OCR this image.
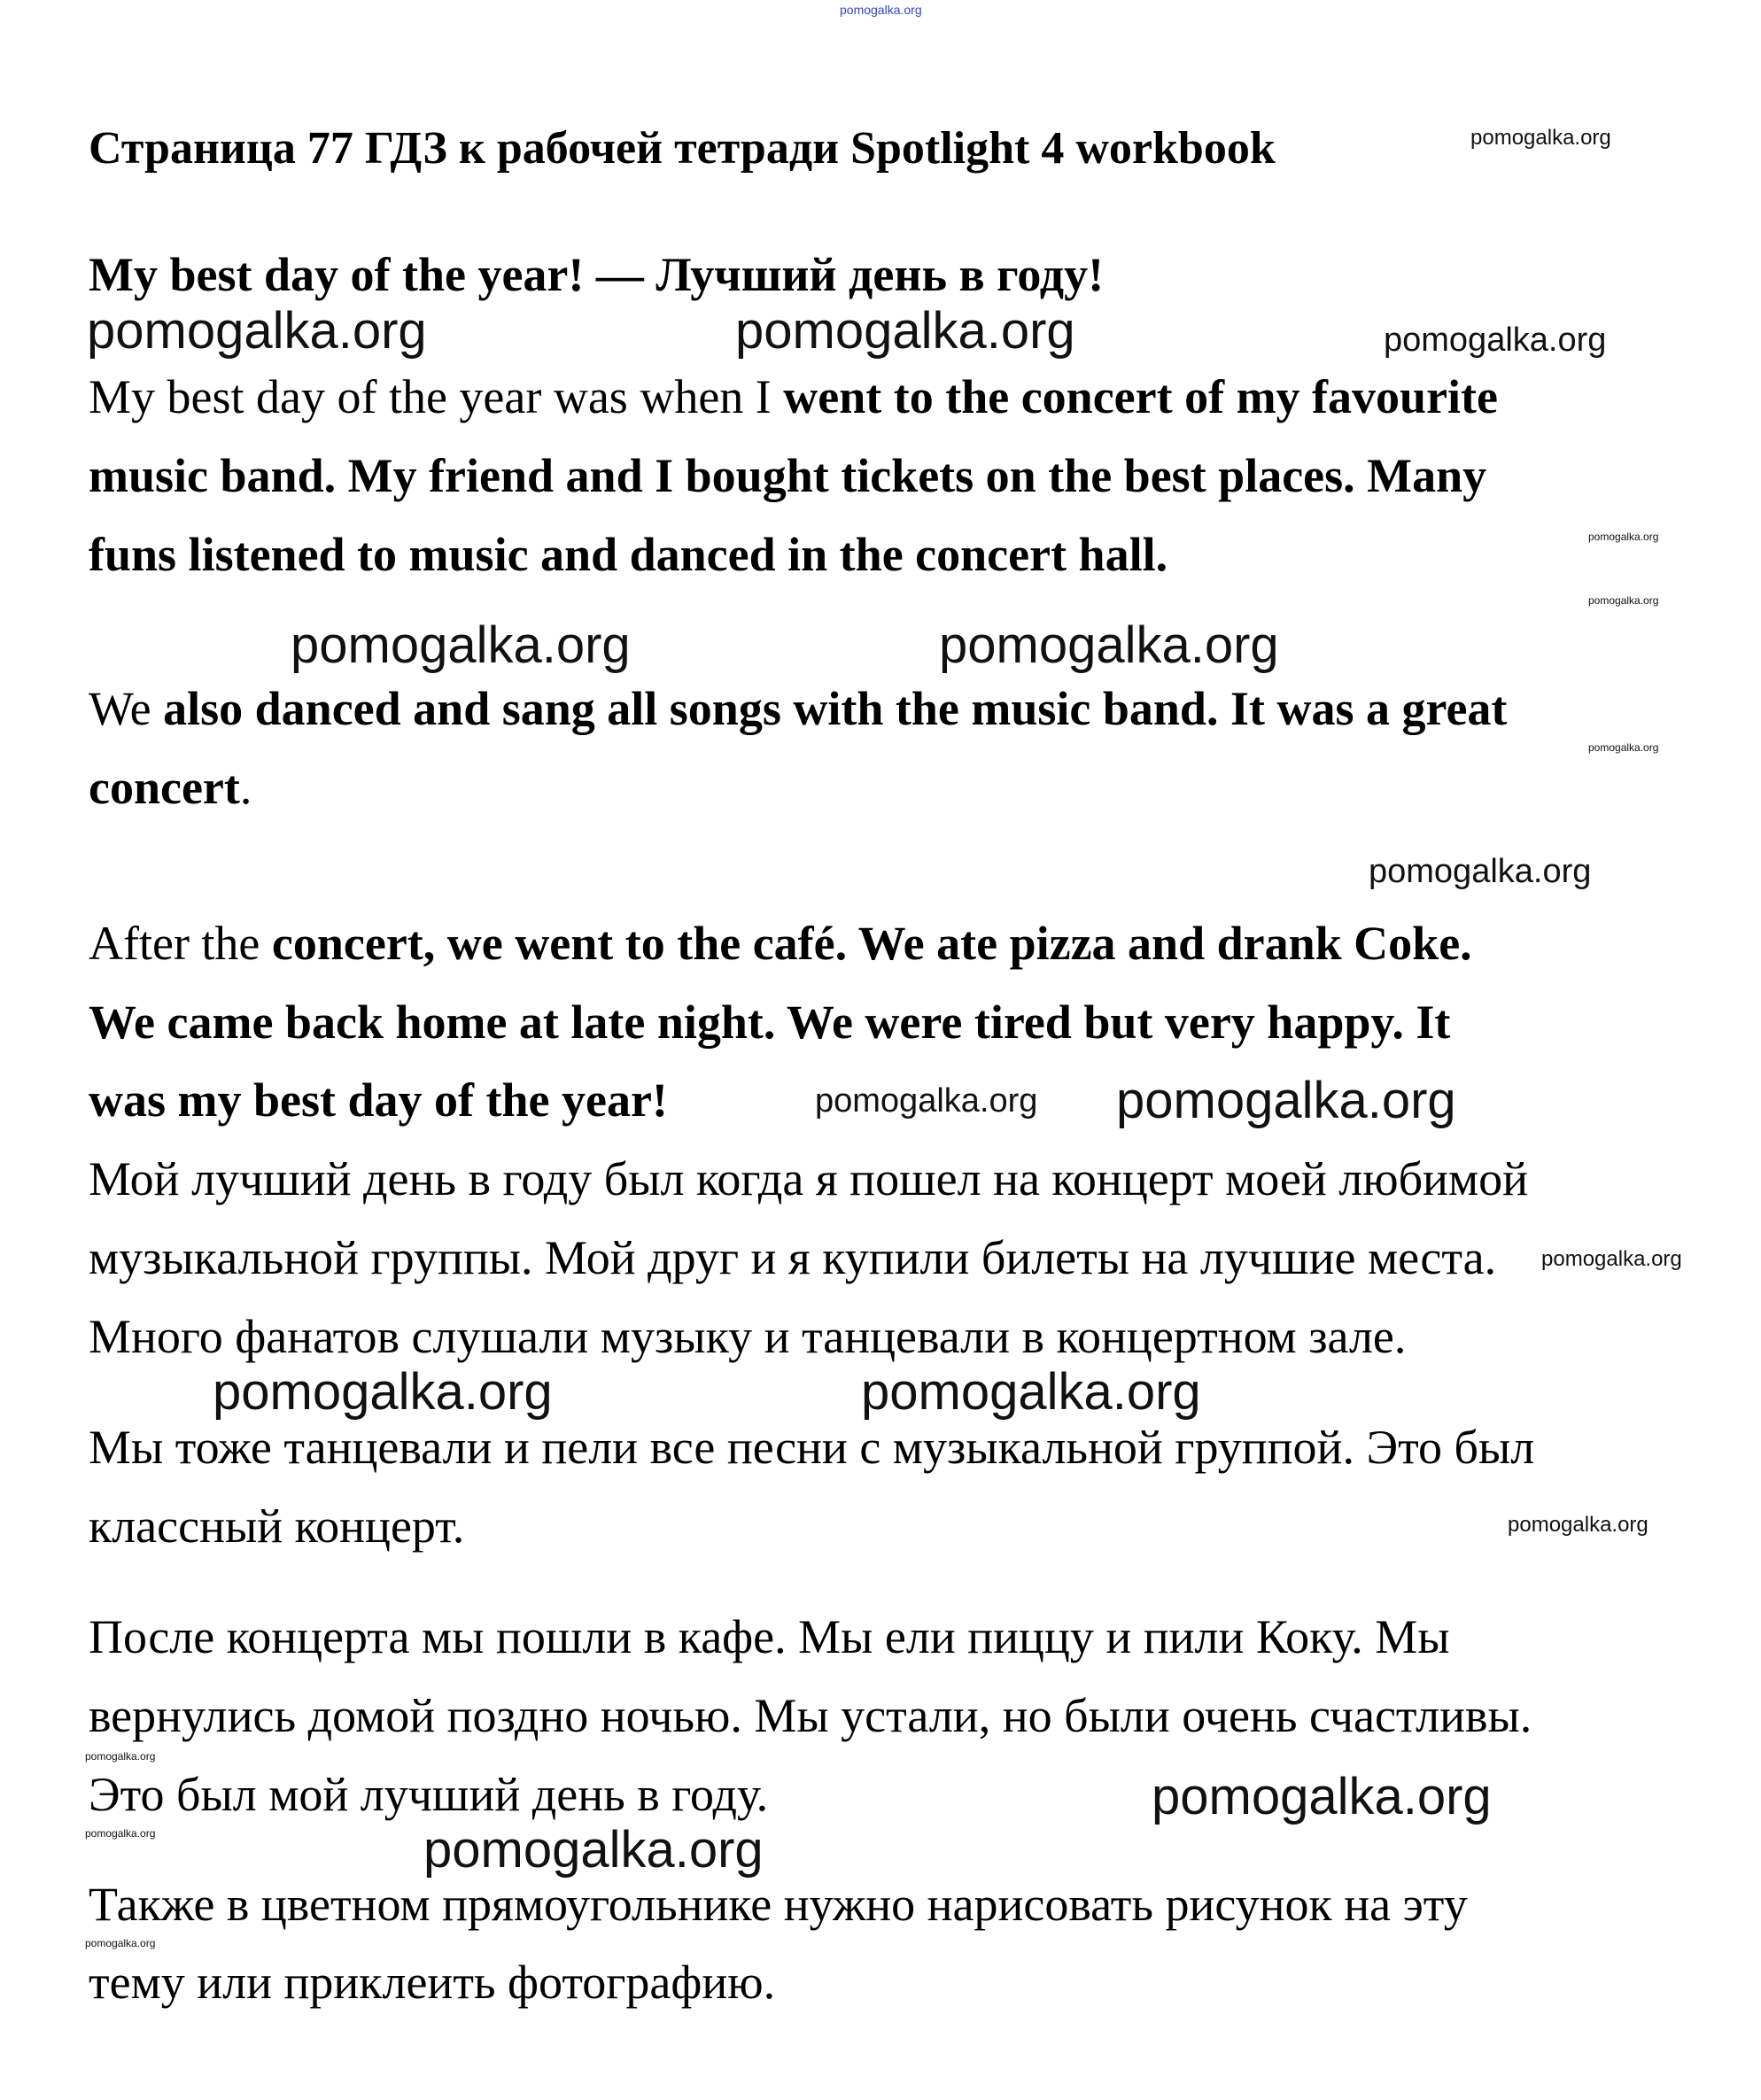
pomogalka.org
Страница 77 ГДЗ к рабочей тетради Spotlight 4 workbook	pomogalka.org
My best day of the year! — Лучший день в году!
pomogalka.org	pomogalka.org	pomogalka.org
My best day of the year was when I went to the concert of my favourite
music band. My friend and I bought tickets on the best places. Many
funs listened to music and danced in the concert hall.	pomogalka.org
pomogalka.org
pomogalka.org	pomogalka.org
We also danced and sang all songs with the music band. It was a great
pomogalka.org
concert.
pomogalka.org
After the concert, we went to the café. We ate pizza and drank Coke.
We came back home at late night. We were tired but very happy. It
was my best day of the year!	pomogalka.org pomogalka.org
Мой лучший день в году был когда я пошел на концерт моей любимой
музыкальной группы. Мой друг и я купили билеты на лучшие места. pomogalka.org
Много фанатов слушали музыку и танцевали в концертном зале.
pomogalka.org	pomogalka.org
Мы тоже танцевали и пели все песни с музыкальной группой. Это был
классный концерт.	pomogalka.org
После концерта мы пошли в кафе. Мы ели пиццу и пили Коку. Мы
вернулись домой поздно ночью. Мы устали, но были очень счастливы.
pomogalka.org
Это был мой лучший день в году.	pomogalka.org
pomogalka.org	pomogalka.org
Также в цветном прямоугольнике нужно нарисовать рисунок на эту
pomogalka.org
тему или приклеить фотографию.
